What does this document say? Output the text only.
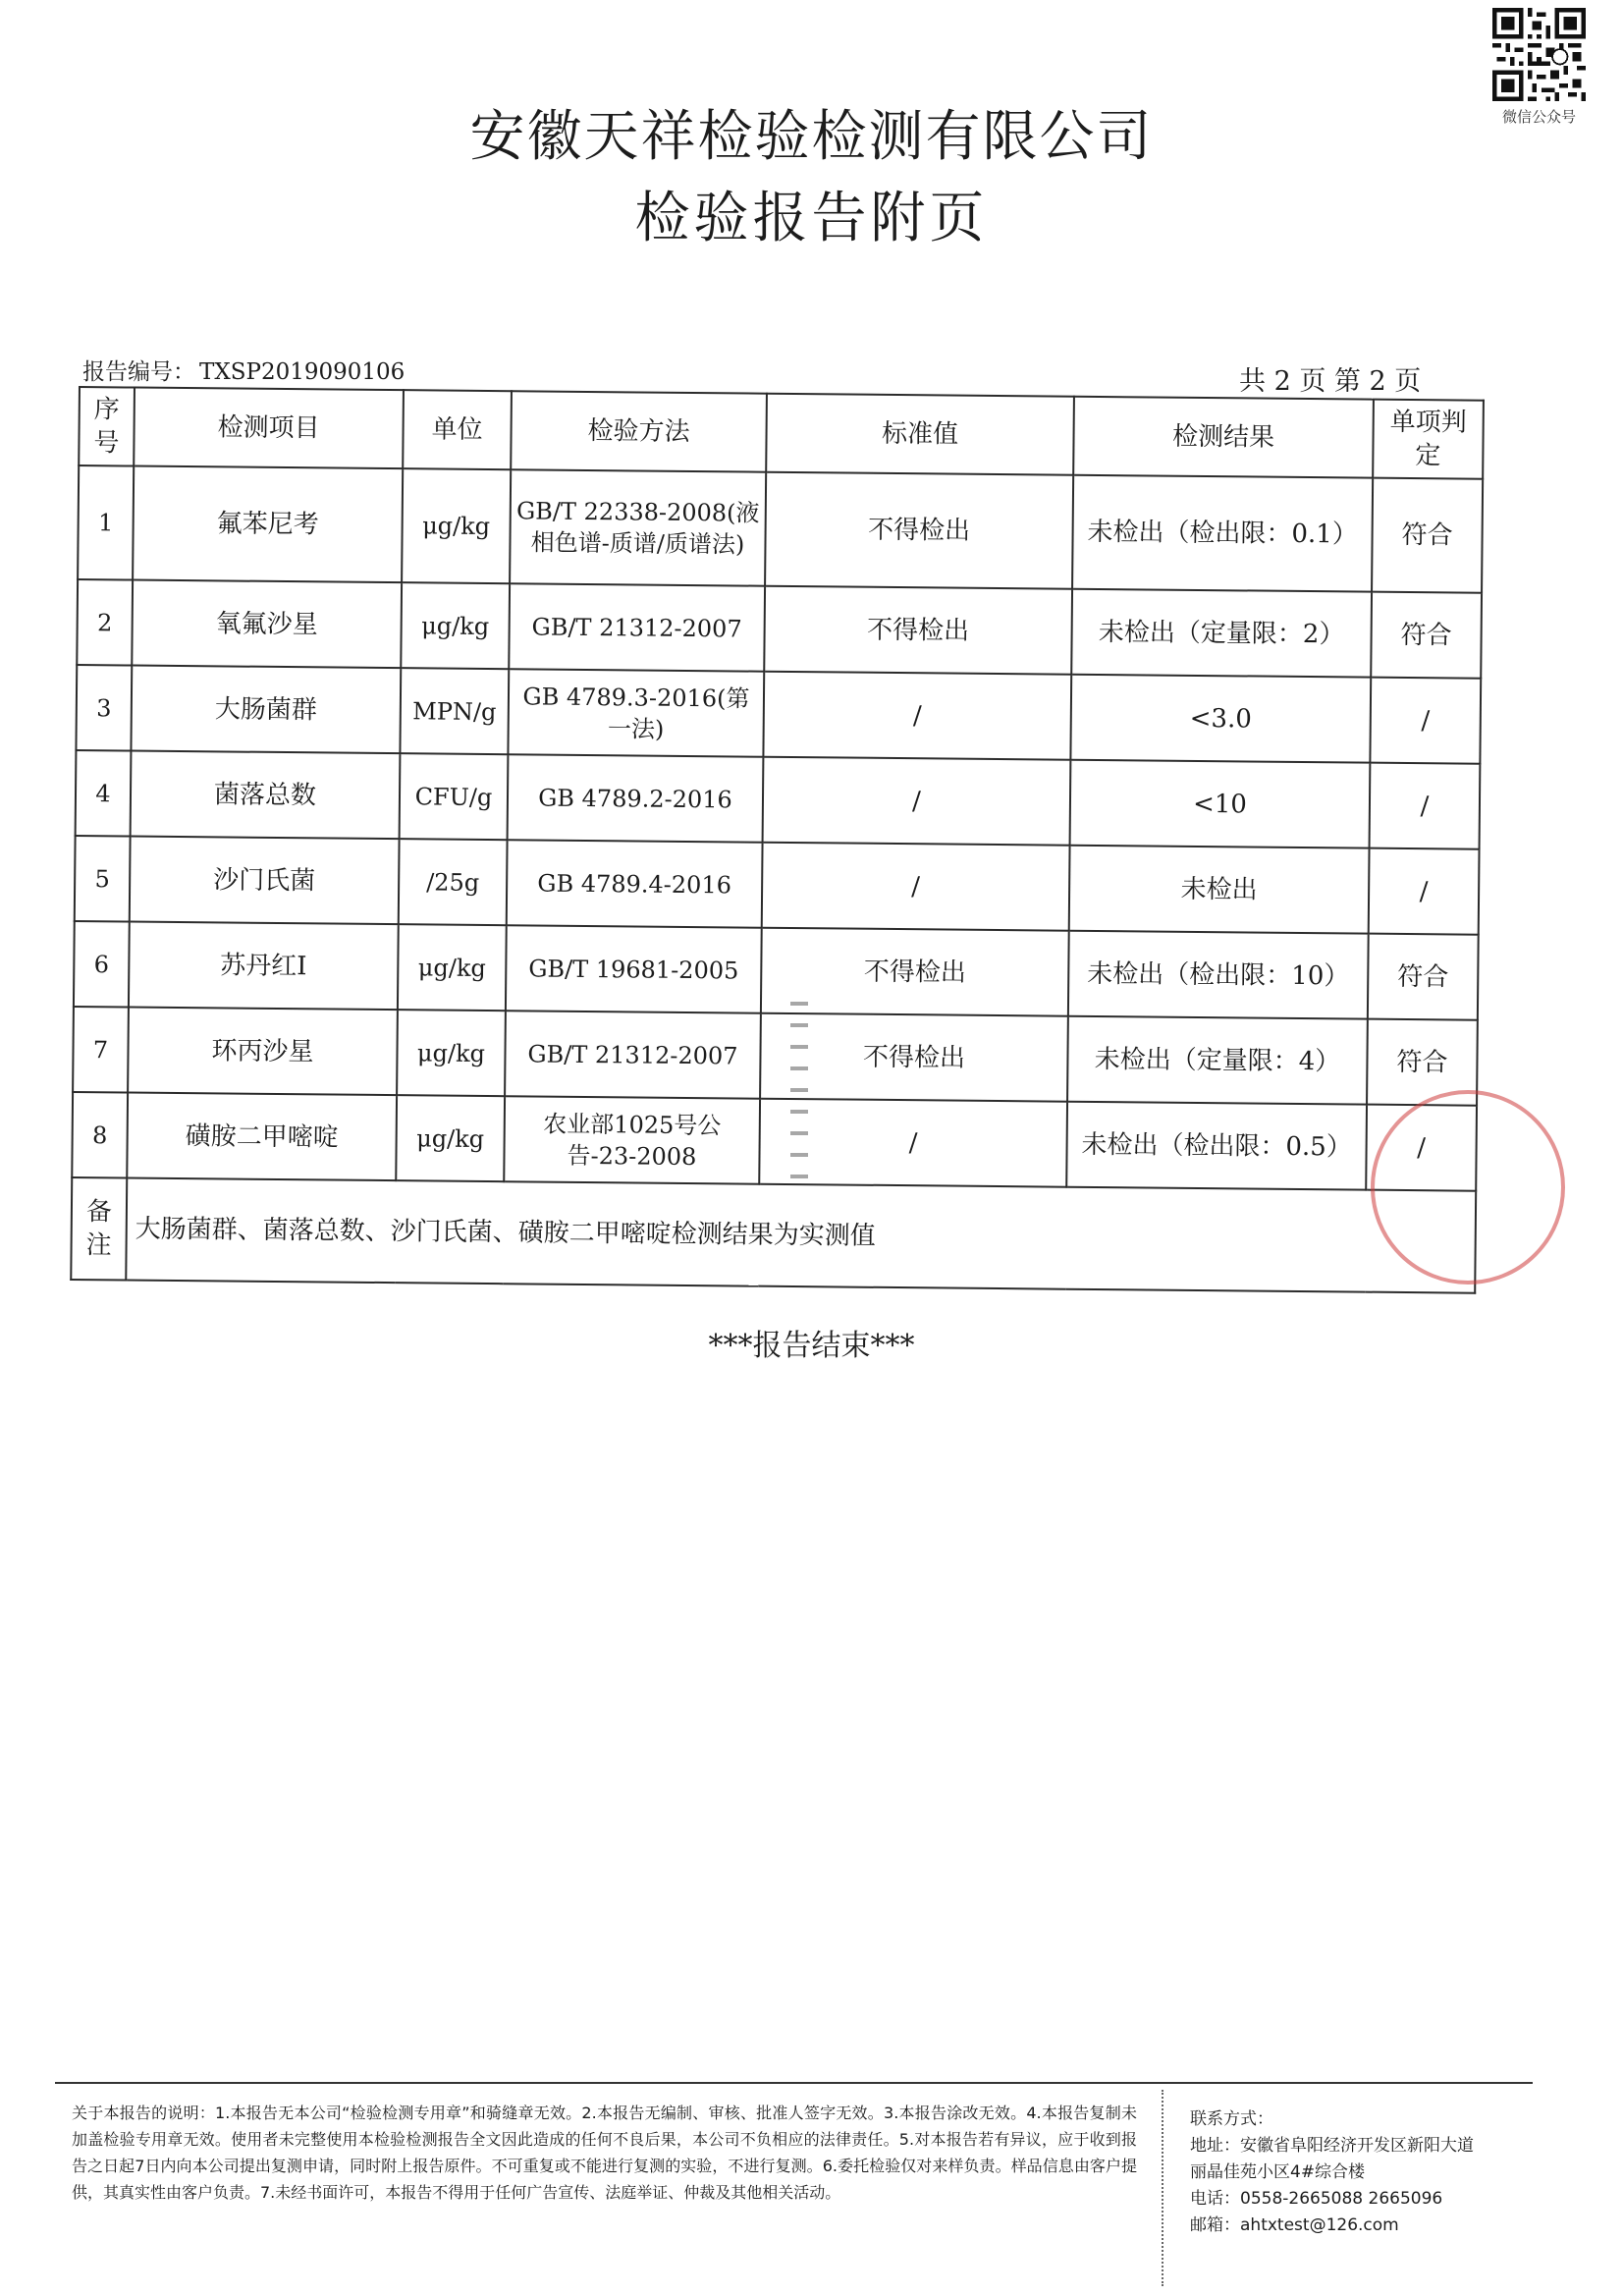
微信公众号
安徽天祥检验检测有限公司
检验报告附页
报告编号： TXSP2019090106	共 2 页 第 2 页
序号	检测项目	单位	检验方法	标准值	检测结果	单项判定
1	氟苯尼考	μg/kg	GB/T 22338-2008(液相色谱-质谱/质谱法)	不得检出	未检出（检出限：0.1）	符合
2	氧氟沙星	μg/kg	GB/T 21312-2007	不得检出	未检出（定量限：2）	符合
3	大肠菌群	MPN/g	GB 4789.3-2016(第一法)	/	<3.0	/
4	菌落总数	CFU/g	GB 4789.2-2016	/	<10	/
5	沙门氏菌	/25g	GB 4789.4-2016	/	未检出	/
6	苏丹红Ⅰ	μg/kg	GB/T 19681-2005	不得检出	未检出（检出限：10）	符合
7	环丙沙星	μg/kg	GB/T 21312-2007	不得检出	未检出（定量限：4）	符合
8	磺胺二甲嘧啶	μg/kg	农业部1025号公告-23-2008	/	未检出（检出限：0.5）	/
备注	大肠菌群、菌落总数、沙门氏菌、磺胺二甲嘧啶检测结果为实测值					
***报告结束***
关于本报告的说明：1.本报告无本公司“检验检测专用章”和骑缝章无效。2.本报告无编制、审核、批准人签字无效。3.本报告涂改无效。4.本报告复制未加盖检验专用章无效。使用者未完整使用本检验检测报告全文因此造成的任何不良后果，本公司不负相应的法律责任。5.对本报告若有异议，应于收到报告之日起7日内向本公司提出复测申请，同时附上报告原件。不可重复或不能进行复测的实验，不进行复测。6.委托检验仅对来样负责。样品信息由客户提供，其真实性由客户负责。7.未经书面许可，本报告不得用于任何广告宣传、法庭举证、仲裁及其他相关活动。
联系方式：
地址：安徽省阜阳经济开发区新阳大道
丽晶佳苑小区4#综合楼
电话：0558-2665088 2665096
邮箱：ahtxtest@126.com
